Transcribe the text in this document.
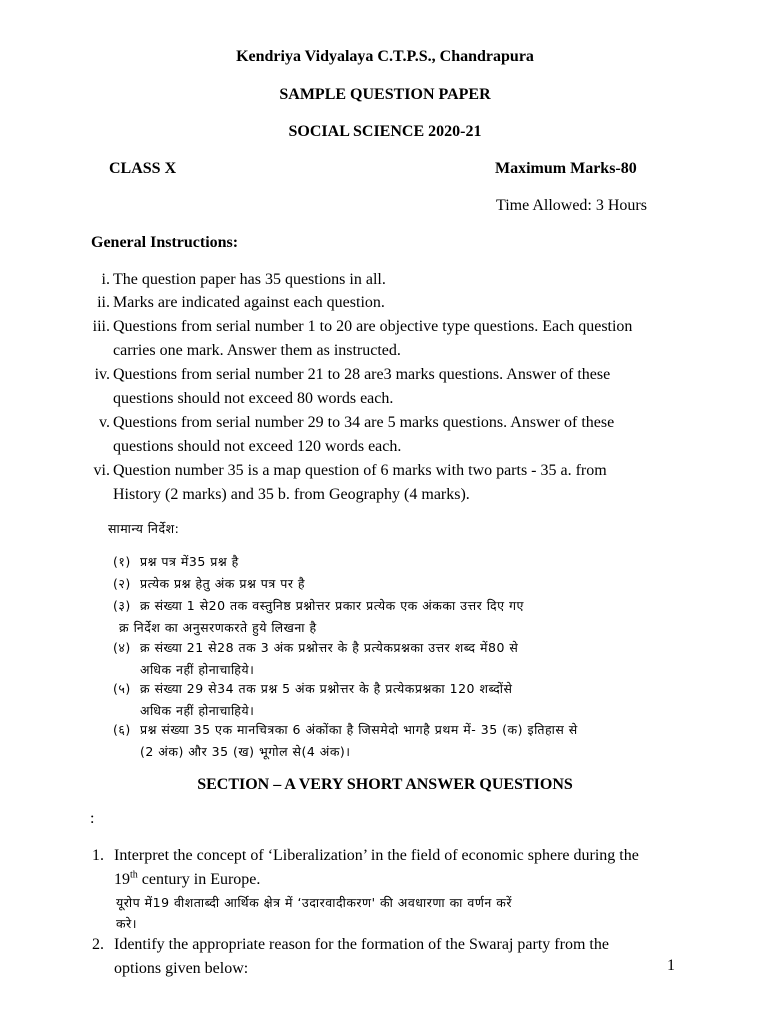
Kendriya Vidyalaya C.T.P.S., Chandrapura
SAMPLE QUESTION PAPER
SOCIAL SCIENCE 2020-21
CLASS X	Maximum Marks-80
Time Allowed: 3 Hours
General Instructions:
i. The question paper has 35 questions in all.
ii. Marks are indicated against each question.
iii. Questions from serial number 1 to 20 are objective type questions. Each question
carries one mark. Answer them as instructed.
iv. Questions from serial number 21 to 28 are3 marks questions. Answer of these
questions should not exceed 80 words each.
v. Questions from serial number 29 to 34 are 5 marks questions. Answer of these
questions should not exceed 120 words each.
vi. Question number 35 is a map question of 6 marks with two parts - 35 a. from
History (2 marks) and 35 b. from Geography (4 marks).
सामान्य निर्देश:
(१) प्रश्न पत्र में35 प्रश्न है
(२) प्रत्येक प्रश्न हेतु अंक प्रश्न पत्र पर है
(३) क्र संख्या 1 से20 तक वस्तुनिष्ठ प्रश्नोत्तर प्रकार प्रत्येक एक अंकका उत्तर दिए गए
क्र निर्देश का अनुसरणकरते हुये लिखना है
(४) क्र संख्या 21 से28 तक 3 अंक प्रश्नोत्तर के है प्रत्येकप्रश्नका उत्तर शब्द में80 से
अधिक नहीं होनाचाहिये।
(५) क्र संख्या 29 से34 तक प्रश्न 5 अंक प्रश्नोत्तर के है प्रत्येकप्रश्नका 120 शब्दोंसे
अधिक नहीं होनाचाहिये।
(६) प्रश्न संख्या 35 एक मानचित्रका 6 अंकोंका है जिसमेदो भागहै प्रथम में- 35 (क) इतिहास से
(2 अंक) और 35 (ख) भूगोल से(4 अंक)।
SECTION – A VERY SHORT ANSWER QUESTIONS
:
1. Interpret the concept of ‘Liberalization’ in the field of economic sphere during the
19th century in Europe.
यूरोप में19 वीशताब्दी आर्थिक क्षेत्र में ‘उदारवादीकरण' की अवधारणा का वर्णन करें
करे।
2. Identify the appropriate reason for the formation of the Swaraj party from the
options given below:	1
